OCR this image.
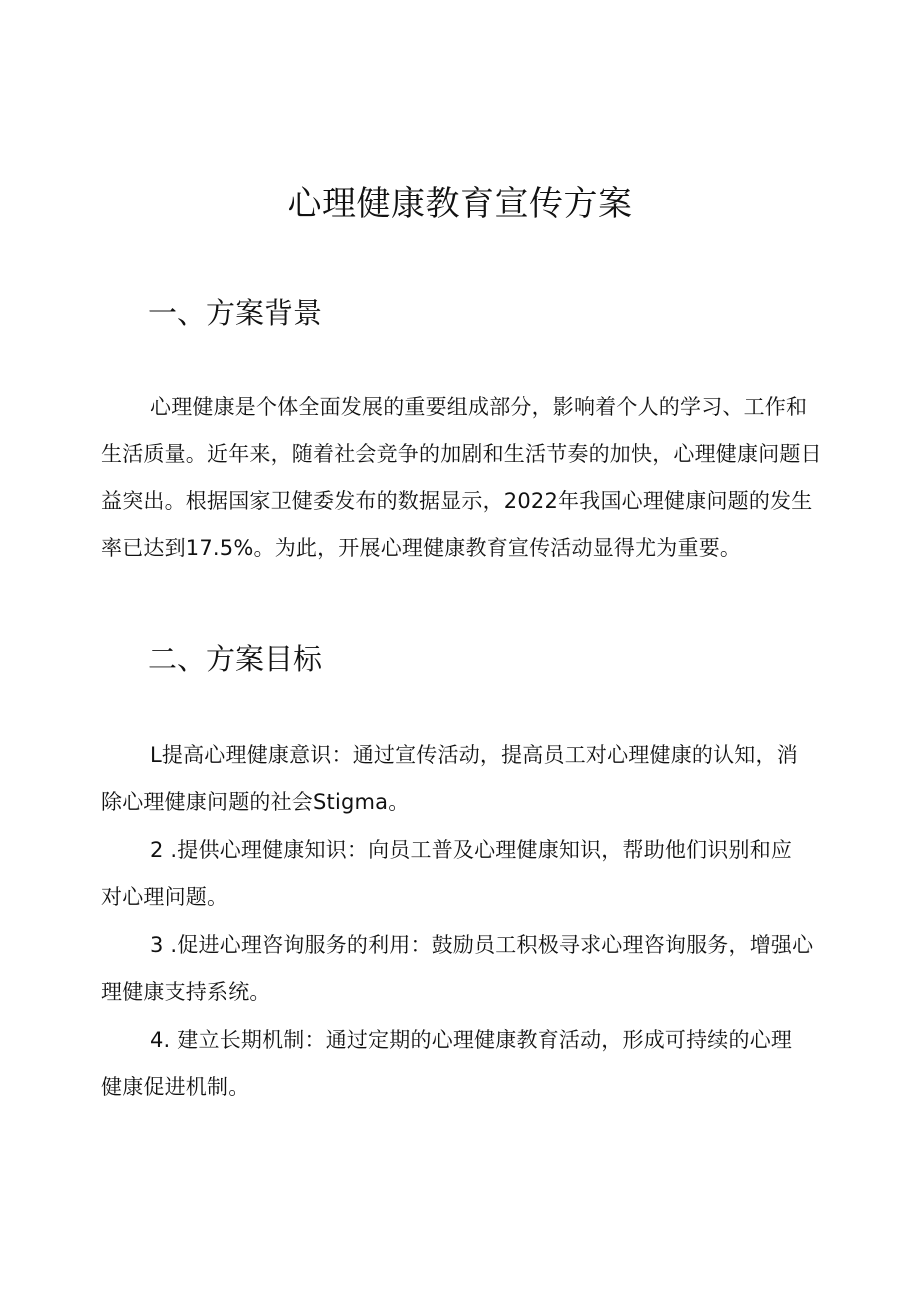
心理健康教育宣传方案
一、方案背景
心理健康是个体全面发展的重要组成部分，影响着个人的学习、工作和
生活质量。近年来，随着社会竞争的加剧和生活节奏的加快，心理健康问题日
益突出。根据国家卫健委发布的数据显示，2022年我国心理健康问题的发生
率已达到17.5%。为此，开展心理健康教育宣传活动显得尤为重要。
二、方案目标
L提高心理健康意识：通过宣传活动，提高员工对心理健康的认知，消
除心理健康问题的社会Stigma。
2 .提供心理健康知识：向员工普及心理健康知识，帮助他们识别和应
对心理问题。
3 .促进心理咨询服务的利用：鼓励员工积极寻求心理咨询服务，增强心
理健康支持系统。
4. 建立长期机制：通过定期的心理健康教育活动，形成可持续的心理
健康促进机制。
